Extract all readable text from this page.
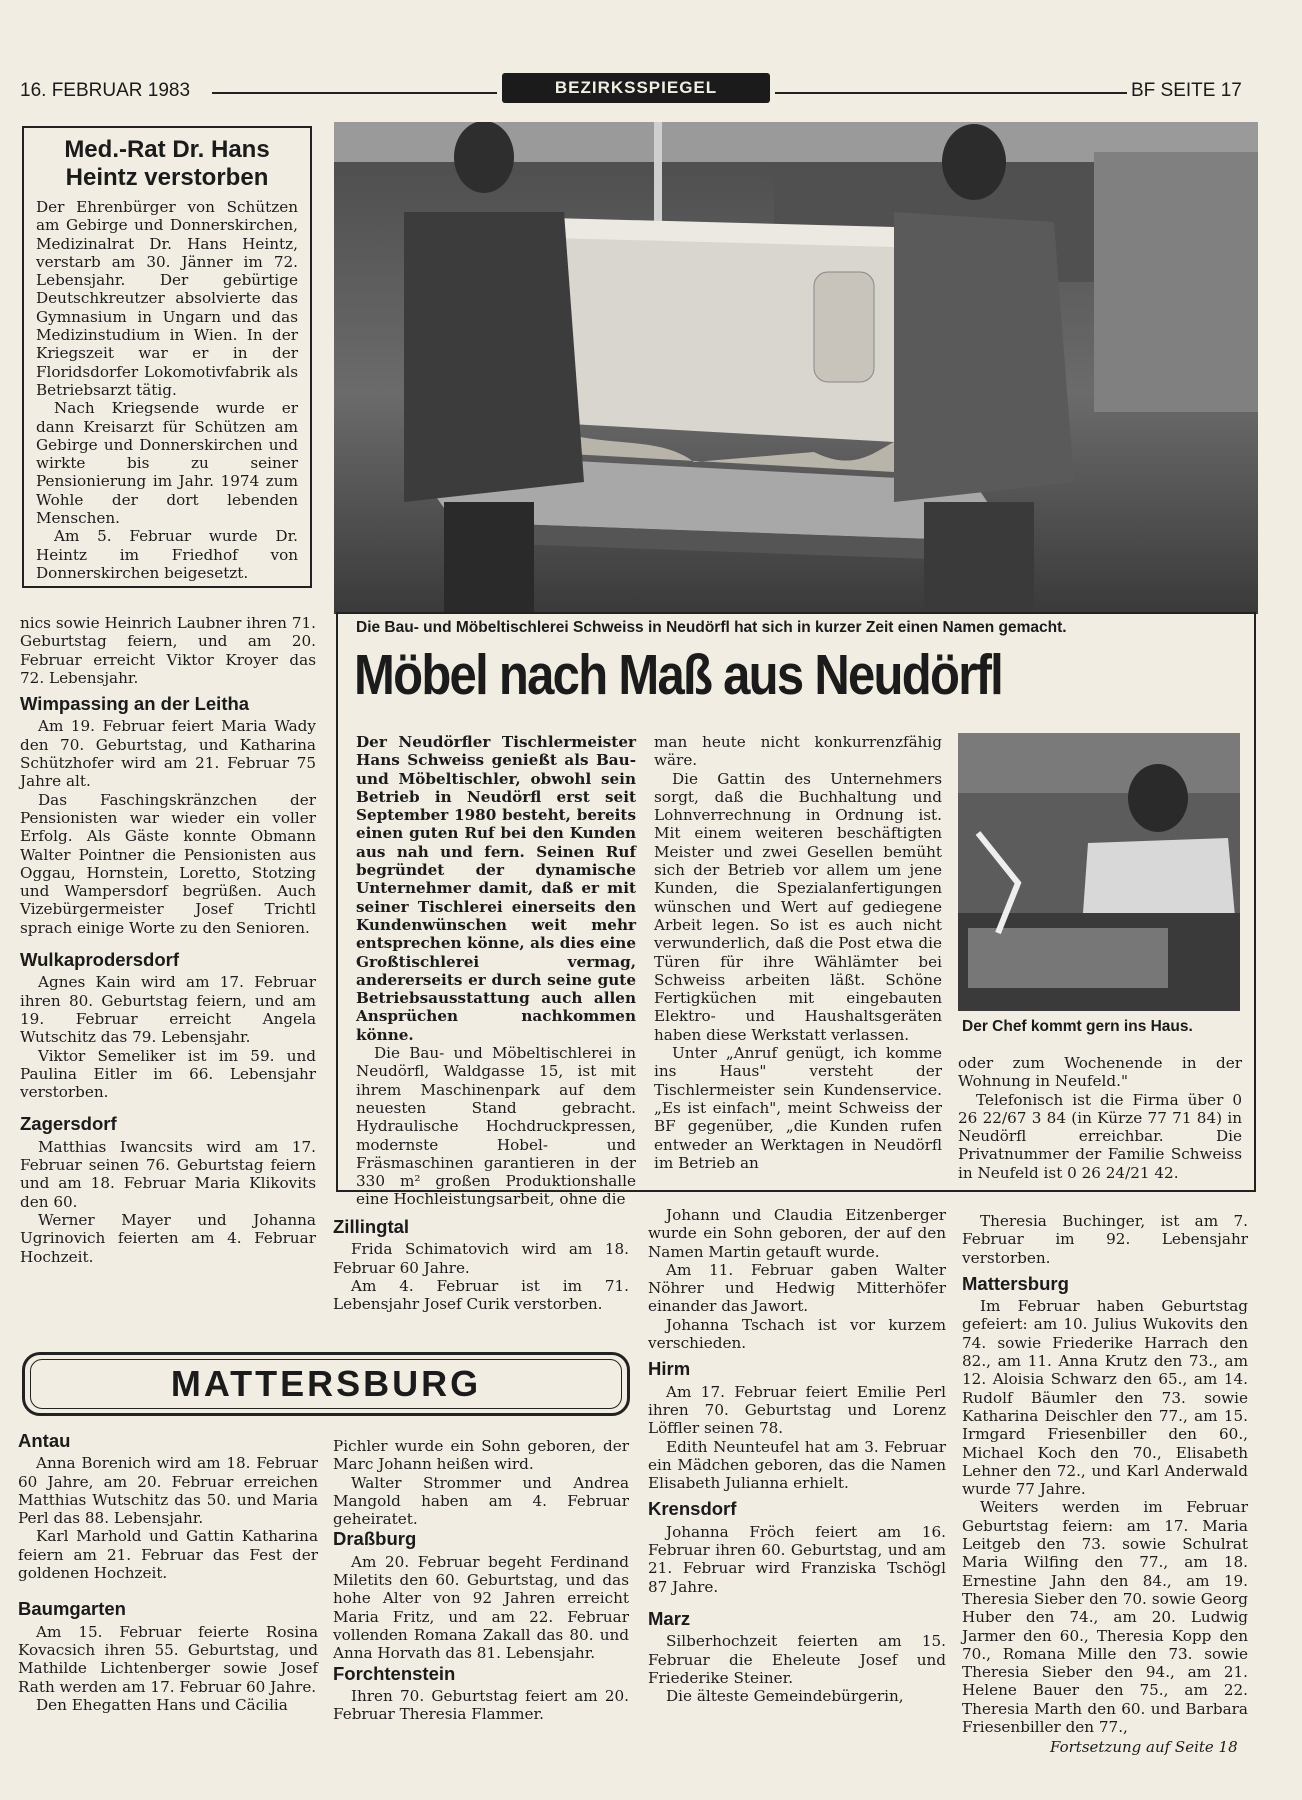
16. FEBRUAR 1983	BEZIRKSSPIEGEL	BF SEITE 17
Med.-Rat Dr. Hans Heintz verstorben

Der Ehrenbürger von Schützen am Gebirge und Donnerskirchen, Medizinalrat Dr. Hans Heintz, verstarb am 30. Jänner im 72. Lebensjahr. Der gebürtige Deutschkreutzer absolvierte das Gymnasium in Ungarn und das Medizinstudium in Wien. In der Kriegszeit war er in der Floridsdorfer Lokomotivfabrik als Betriebsarzt tätig.

Nach Kriegsende wurde er dann Kreisarzt für Schützen am Gebirge und Donnerskirchen und wirkte bis zu seiner Pensionierung im Jahr. 1974 zum Wohle der dort lebenden Menschen.

Am 5. Februar wurde Dr. Heintz im Friedhof von Donnerskirchen beigesetzt.

nics sowie Heinrich Laubner ihren 71. Geburtstag feiern, und am 20. Februar erreicht Viktor Kroyer das 72. Lebensjahr.

Wimpassing an der Leitha

Am 19. Februar feiert Maria Wady den 70. Geburtstag, und Katharina Schützhofer wird am 21. Februar 75 Jahre alt.

Das Faschingskränzchen der Pensionisten war wieder ein voller Erfolg. Als Gäste konnte Obmann Walter Pointner die Pensionisten aus Oggau, Hornstein, Loretto, Stotzing und Wampersdorf begrüßen. Auch Vizebürgermeister Josef Trichtl sprach einige Worte zu den Senioren.

Wulkaprodersdorf

Agnes Kain wird am 17. Februar ihren 80. Geburtstag feiern, und am 19. Februar erreicht Angela Wutschitz das 79. Lebensjahr.

Viktor Semeliker ist im 59. und Paulina Eitler im 66. Lebensjahr verstorben.

Zagersdorf

Matthias Iwancsits wird am 17. Februar seinen 76. Geburtstag feiern und am 18. Februar Maria Klikovits den 60.

Werner Mayer und Johanna Ugrinovich feierten am 4. Februar Hochzeit.

Die Bau- und Möbeltischlerei Schweiss in Neudörfl hat sich in kurzer Zeit einen Namen gemacht.
Möbel nach Maß aus Neudörfl

Der Neudörfler Tischlermeister Hans Schweiss genießt als Bau- und Möbeltischler, obwohl sein Betrieb in Neudörfl erst seit September 1980 besteht, bereits einen guten Ruf bei den Kunden aus nah und fern. Seinen Ruf begründet der dynamische Unternehmer damit, daß er mit seiner Tischlerei einerseits den Kundenwünschen weit mehr entsprechen könne, als dies eine Großtischlerei vermag, andererseits er durch seine gute Betriebsausstattung auch allen Ansprüchen nachkommen könne.

Die Bau- und Möbeltischlerei in Neudörfl, Waldgasse 15, ist mit ihrem Maschinenpark auf dem neuesten Stand gebracht. Hydraulische Hochdruckpressen, modernste Hobel- und Fräsmaschinen garantieren in der 330 m² großen Produktionshalle eine Hochleistungsarbeit, ohne die

man heute nicht konkurrenzfähig wäre.

Die Gattin des Unternehmers sorgt, daß die Buchhaltung und Lohnverrechnung in Ordnung ist. Mit einem weiteren beschäftigten Meister und zwei Gesellen bemüht sich der Betrieb vor allem um jene Kunden, die Spezialanfertigungen wünschen und Wert auf gediegene Arbeit legen. So ist es auch nicht verwunderlich, daß die Post etwa die Türen für ihre Wählämter bei Schweiss arbeiten läßt. Schöne Fertigküchen mit eingebauten Elektro- und Haushaltsgeräten haben diese Werkstatt verlassen.

Unter „Anruf genügt, ich komme ins Haus" versteht der Tischlermeister sein Kundenservice. „Es ist einfach", meint Schweiss der BF gegenüber, „die Kunden rufen entweder an Werktagen in Neudörfl im Betrieb an

Der Chef kommt gern ins Haus.

oder zum Wochenende in der Wohnung in Neufeld."

Telefonisch ist die Firma über 0 26 22/67 3 84 (in Kürze 77 71 84) in Neudörfl erreichbar. Die Privatnummer der Familie Schweiss in Neufeld ist 0 26 24/21 42.

Zillingtal

Frida Schimatovich wird am 18. Februar 60 Jahre.

Am 4. Februar ist im 71. Lebensjahr Josef Curik verstorben.

MATTERSBURG
Antau

Anna Borenich wird am 18. Februar 60 Jahre, am 20. Februar erreichen Matthias Wutschitz das 50. und Maria Perl das 88. Lebensjahr.

Karl Marhold und Gattin Katharina feiern am 21. Februar das Fest der goldenen Hochzeit.

Baumgarten

Am 15. Februar feierte Rosina Kovacsich ihren 55. Geburtstag, und Mathilde Lichtenberger sowie Josef Rath werden am 17. Februar 60 Jahre.

Den Ehegatten Hans und Cäcilia

Pichler wurde ein Sohn geboren, der Marc Johann heißen wird.

Walter Strommer und Andrea Mangold haben am 4. Februar geheiratet.

Draßburg

Am 20. Februar begeht Ferdinand Miletits den 60. Geburtstag, und das hohe Alter von 92 Jahren erreicht Maria Fritz, und am 22. Februar vollenden Romana Zakall das 80. und Anna Horvath das 81. Lebensjahr.

Forchtenstein

Ihren 70. Geburtstag feiert am 20. Februar Theresia Flammer.

Johann und Claudia Eitzenberger wurde ein Sohn geboren, der auf den Namen Martin getauft wurde.

Am 11. Februar gaben Walter Nöhrer und Hedwig Mitterhöfer einander das Jawort.

Johanna Tschach ist vor kurzem verschieden.

Hirm

Am 17. Februar feiert Emilie Perl ihren 70. Geburtstag und Lorenz Löffler seinen 78.

Edith Neunteufel hat am 3. Februar ein Mädchen geboren, das die Namen Elisabeth Julianna erhielt.

Krensdorf

Johanna Fröch feiert am 16. Februar ihren 60. Geburtstag, und am 21. Februar wird Franziska Tschögl 87 Jahre.

Marz

Silberhochzeit feierten am 15. Februar die Eheleute Josef und Friederike Steiner.

Die älteste Gemeindebürgerin,

Theresia Buchinger, ist am 7. Februar im 92. Lebensjahr verstorben.

Mattersburg

Im Februar haben Geburtstag gefeiert: am 10. Julius Wukovits den 74. sowie Friederike Harrach den 82., am 11. Anna Krutz den 73., am 12. Aloisia Schwarz den 65., am 14. Rudolf Bäumler den 73. sowie Katharina Deischler den 77., am 15. Irmgard Friesenbiller den 60., Michael Koch den 70., Elisabeth Lehner den 72., und Karl Anderwald wurde 77 Jahre.

Weiters werden im Februar Geburtstag feiern: am 17. Maria Leitgeb den 73. sowie Schulrat Maria Wilfing den 77., am 18. Ernestine Jahn den 84., am 19. Theresia Sieber den 70. sowie Georg Huber den 74., am 20. Ludwig Jarmer den 60., Theresia Kopp den 70., Romana Mille den 73. sowie Theresia Sieber den 94., am 21. Helene Bauer den 75., am 22. Theresia Marth den 60. und Barbara Friesenbiller den 77.,

Fortsetzung auf Seite 18
